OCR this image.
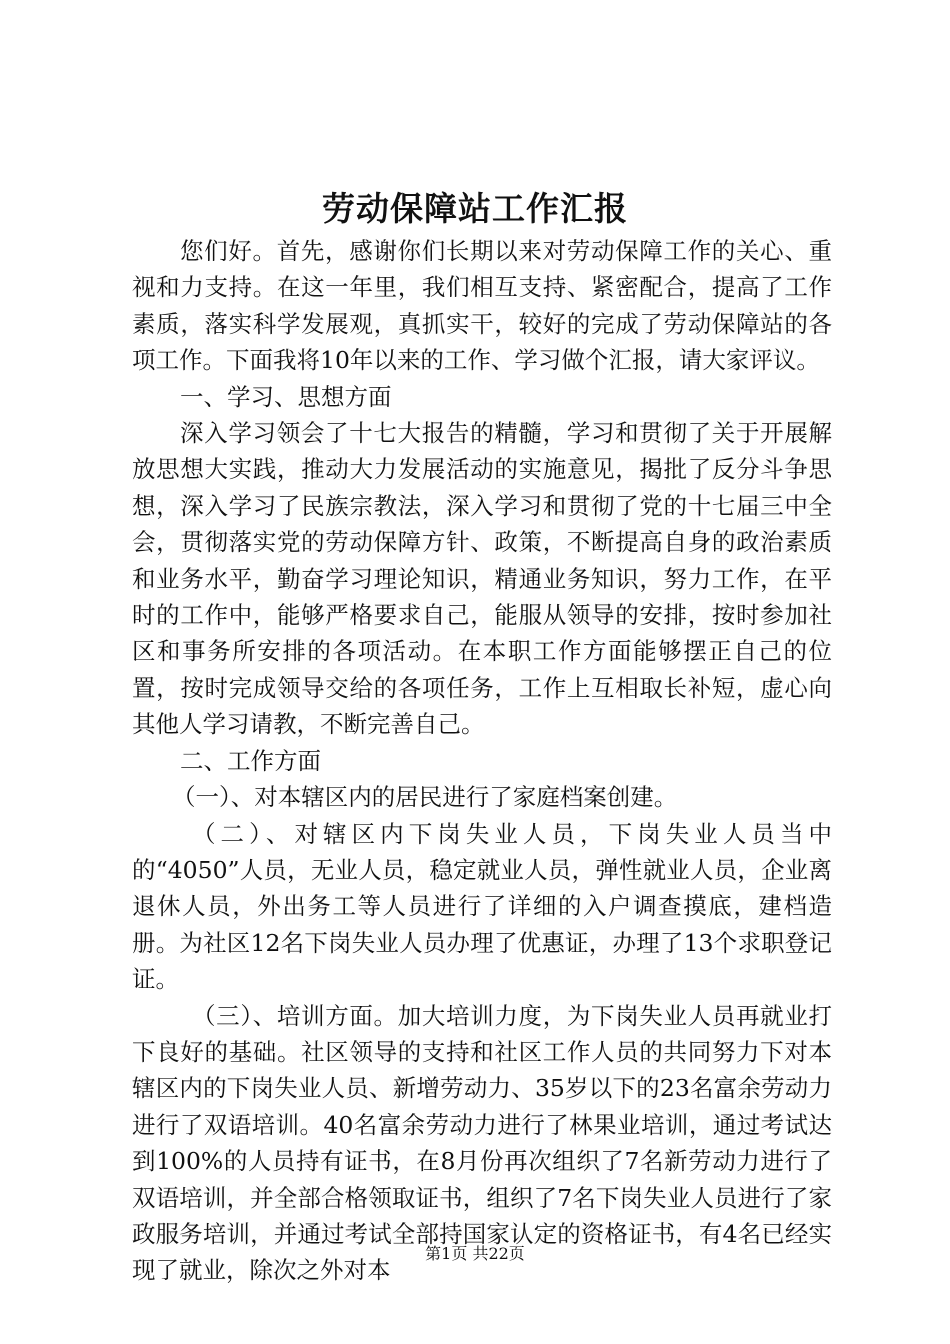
劳动保障站工作汇报

您们好。首先，感谢你们长期以来对劳动保障工作的关心、重视和力支持。在这一年里，我们相互支持、紧密配合，提高了工作素质，落实科学发展观，真抓实干，较好的完成了劳动保障站的各项工作。下面我将10年以来的工作、学习做个汇报，请大家评议。

一、学习、思想方面

深入学习领会了十七大报告的精髓，学习和贯彻了关于开展解放思想大实践，推动大力发展活动的实施意见，揭批了反分斗争思想，深入学习了民族宗教法，深入学习和贯彻了党的十七届三中全会，贯彻落实党的劳动保障方针、政策，不断提高自身的政治素质和业务水平，勤奋学习理论知识，精通业务知识，努力工作，在平时的工作中，能够严格要求自己，能服从领导的安排，按时参加社区和事务所安排的各项活动。在本职工作方面能够摆正自己的位置，按时完成领导交给的各项任务，工作上互相取长补短，虚心向其他人学习请教，不断完善自己。

二、工作方面

（一）、对本辖区内的居民进行了家庭档案创建。

（二）、对辖区内下岗失业人员，下岗失业人员当中的“4050”人员，无业人员，稳定就业人员，弹性就业人员，企业离退休人员，外出务工等人员进行了详细的入户调查摸底，建档造册。为社区12名下岗失业人员办理了优惠证，办理了13个求职登记证。

（三）、培训方面。加大培训力度，为下岗失业人员再就业打下良好的基础。社区领导的支持和社区工作人员的共同努力下对本辖区内的下岗失业人员、新增劳动力、35岁以下的23名富余劳动力进行了双语培训。40名富余劳动力进行了林果业培训，通过考试达到100%的人员持有证书，在8月份再次组织了7名新劳动力进行了双语培训，并全部合格领取证书，组织了7名下岗失业人员进行了家政服务培训，并通过考试全部持国家认定的资格证书，有4名已经实现了就业，除次之外对本

第1页 共22页
